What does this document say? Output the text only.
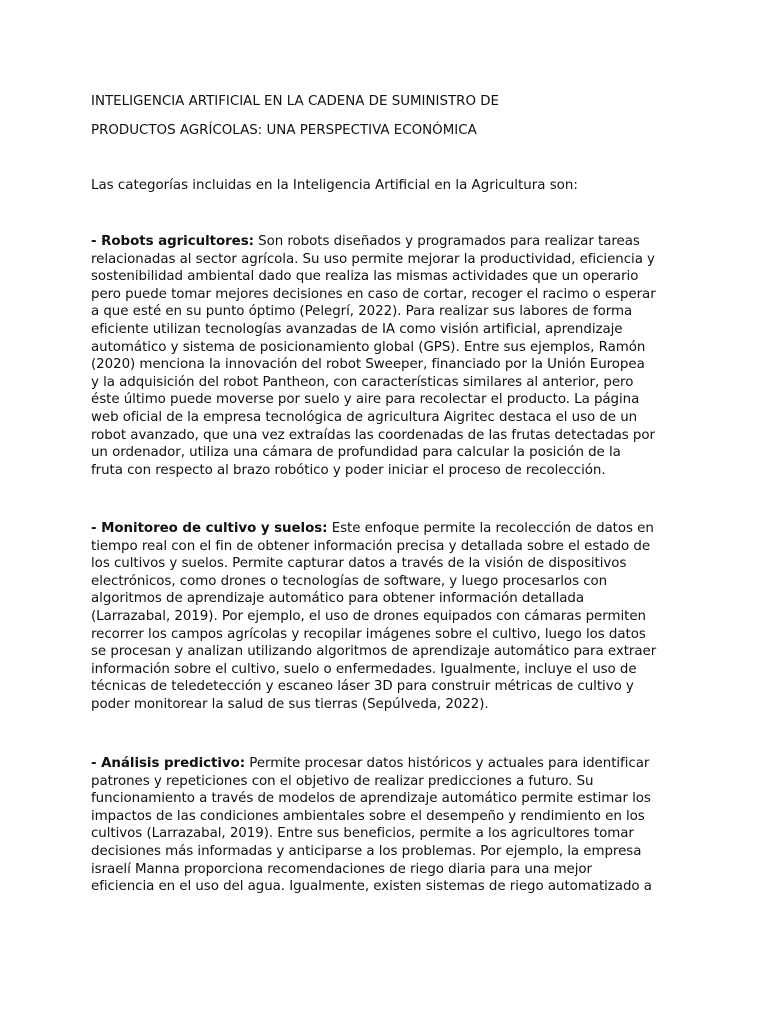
INTELIGENCIA ARTIFICIAL EN LA CADENA DE SUMINISTRO DE
PRODUCTOS AGRÍCOLAS: UNA PERSPECTIVA ECONÓMICA

Las categorías incluidas en la Inteligencia Artificial en la Agricultura son:

- Robots agricultores: Son robots diseñados y programados para realizar tareas
relacionadas al sector agrícola. Su uso permite mejorar la productividad, eficiencia y
sostenibilidad ambiental dado que realiza las mismas actividades que un operario
pero puede tomar mejores decisiones en caso de cortar, recoger el racimo o esperar
a que esté en su punto óptimo (Pelegrí, 2022). Para realizar sus labores de forma
eficiente utilizan tecnologías avanzadas de IA como visión artificial, aprendizaje
automático y sistema de posicionamiento global (GPS). Entre sus ejemplos, Ramón
(2020) menciona la innovación del robot Sweeper, financiado por la Unión Europea
y la adquisición del robot Pantheon, con características similares al anterior, pero
éste último puede moverse por suelo y aire para recolectar el producto. La página
web oficial de la empresa tecnológica de agricultura Aigritec destaca el uso de un
robot avanzado, que una vez extraídas las coordenadas de las frutas detectadas por
un ordenador, utiliza una cámara de profundidad para calcular la posición de la
fruta con respecto al brazo robótico y poder iniciar el proceso de recolección.
- Monitoreo de cultivo y suelos: Este enfoque permite la recolección de datos en
tiempo real con el fin de obtener información precisa y detallada sobre el estado de
los cultivos y suelos. Permite capturar datos a través de la visión de dispositivos
electrónicos, como drones o tecnologías de software, y luego procesarlos con
algoritmos de aprendizaje automático para obtener información detallada
(Larrazabal, 2019). Por ejemplo, el uso de drones equipados con cámaras permiten
recorrer los campos agrícolas y recopilar imágenes sobre el cultivo, luego los datos
se procesan y analizan utilizando algoritmos de aprendizaje automático para extraer
información sobre el cultivo, suelo o enfermedades. Igualmente, incluye el uso de
técnicas de teledetección y escaneo láser 3D para construir métricas de cultivo y
poder monitorear la salud de sus tierras (Sepúlveda, 2022).
- Análisis predictivo: Permite procesar datos históricos y actuales para identificar
patrones y repeticiones con el objetivo de realizar predicciones a futuro. Su
funcionamiento a través de modelos de aprendizaje automático permite estimar los
impactos de las condiciones ambientales sobre el desempeño y rendimiento en los
cultivos (Larrazabal, 2019). Entre sus beneficios, permite a los agricultores tomar
decisiones más informadas y anticiparse a los problemas. Por ejemplo, la empresa
israelí Manna proporciona recomendaciones de riego diaria para una mejor
eficiencia en el uso del agua. Igualmente, existen sistemas de riego automatizado a
